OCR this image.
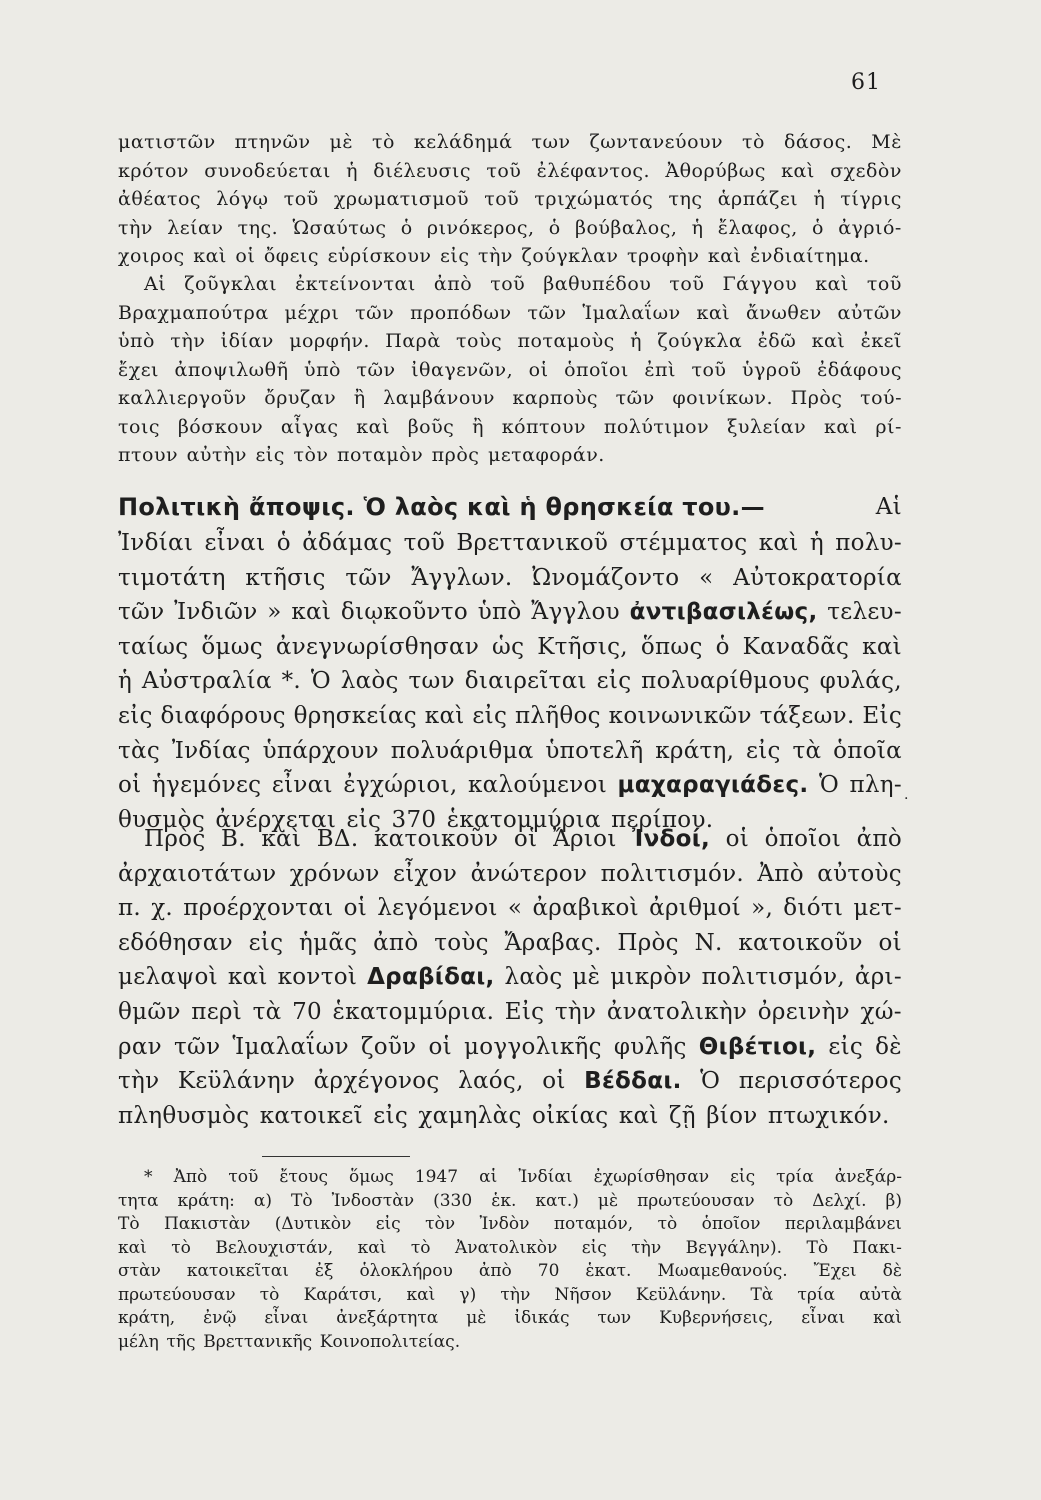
61
ματιστῶν πτηνῶν μὲ τὸ κελάδημά των ζωντανεύουν τὸ δάσος. Μὲ
κρότον συνοδεύεται ἡ διέλευσις τοῦ ἐλέφαντος. Ἀθορύβως καὶ σχεδὸν
ἀθέατος λόγῳ τοῦ χρωματισμοῦ τοῦ τριχώματός της ἁρπάζει ἡ τίγρις
τὴν λείαν της. Ὡσαύτως ὁ ρινόκερος, ὁ βούβαλος, ἡ ἔλαφος, ὁ ἀγριό-
χοιρος καὶ οἱ ὄφεις εὑρίσκουν εἰς τὴν ζούγκλαν τροφὴν καὶ ἐνδιαίτημα.
Αἱ ζοῦγκλαι ἐκτείνονται ἀπὸ τοῦ βαθυπέδου τοῦ Γάγγου καὶ τοῦ
Βραχμαπούτρα μέχρι τῶν προπόδων τῶν Ἱμαλαΐων καὶ ἄνωθεν αὐτῶν
ὑπὸ τὴν ἰδίαν μορφήν. Παρὰ τοὺς ποταμοὺς ἡ ζούγκλα ἐδῶ καὶ ἐκεῖ
ἔχει ἀποψιλωθῆ ὑπὸ τῶν ἰθαγενῶν, οἱ ὁποῖοι ἐπὶ τοῦ ὑγροῦ ἐδάφους
καλλιεργοῦν ὄρυζαν ἢ λαμβάνουν καρποὺς τῶν φοινίκων. Πρὸς τού-
τοις βόσκουν αἶγας καὶ βοῦς ἢ κόπτουν πολύτιμον ξυλείαν καὶ ρί-
πτουν αὐτὴν εἰς τὸν ποταμὸν πρὸς μεταφοράν.
Πολιτικὴ ἄποψις. Ὁ λαὸς καὶ ἡ θρησκεία του.—	Αἱ
Ἰνδίαι εἶναι ὁ ἀδάμας τοῦ Βρεττανικοῦ στέμματος καὶ ἡ πολυ-
τιμοτάτη κτῆσις τῶν Ἄγγλων. Ὠνομάζοντο « Αὐτοκρατορία
τῶν Ἰνδιῶν » καὶ διῳκοῦντο ὑπὸ Ἄγγλου ἀντιβασιλέως, τελευ-
ταίως ὅμως ἀνεγνωρίσθησαν ὡς Κτῆσις, ὅπως ὁ Καναδᾶς καὶ
ἡ Αὐστραλία *. Ὁ λαὸς των διαιρεῖται εἰς πολυαρίθμους φυλάς,
εἰς διαφόρους θρησκείας καὶ εἰς πλῆθος κοινωνικῶν τάξεων. Εἰς
τὰς Ἰνδίας ὑπάρχουν πολυάριθμα ὑποτελῆ κράτη, εἰς τὰ ὁποῖα
οἱ ἡγεμόνες εἶναι ἐγχώριοι, καλούμενοι μαχαραγιάδες. Ὁ πλη-
θυσμὸς ἀνέρχεται εἰς 370 ἑκατομμύρια περίπου.
Πρὸς Β. καὶ ΒΔ. κατοικοῦν οἱ Ἄριοι Ἰνδοί, οἱ ὁποῖοι ἀπὸ
ἀρχαιοτάτων χρόνων εἶχον ἀνώτερον πολιτισμόν. Ἀπὸ αὐτοὺς
π. χ. προέρχονται οἱ λεγόμενοι « ἀραβικοὶ ἀριθμοί », διότι μετ-
εδόθησαν εἰς ἡμᾶς ἀπὸ τοὺς Ἄραβας. Πρὸς Ν. κατοικοῦν οἱ
μελαψοὶ καὶ κοντοὶ Δραβίδαι, λαὸς μὲ μικρὸν πολιτισμόν, ἀρι-
θμῶν περὶ τὰ 70 ἑκατομμύρια. Εἰς τὴν ἀνατολικὴν ὀρεινὴν χώ-
ραν τῶν Ἱμαλαΐων ζοῦν οἱ μογγολικῆς φυλῆς Θιβέτιοι, εἰς δὲ
τὴν Κεϋλάνην ἀρχέγονος λαός, οἱ Βέδδαι. Ὁ περισσότερος
πληθυσμὸς κατοικεῖ εἰς χαμηλὰς οἰκίας καὶ ζῇ βίον πτωχικόν.
.
* Ἀπὸ τοῦ ἔτους ὅμως 1947 αἱ Ἰνδίαι ἐχωρίσθησαν εἰς τρία ἀνεξάρ-
τητα κράτη: α) Τὸ Ἰνδοστὰν (330 ἑκ. κατ.) μὲ πρωτεύουσαν τὸ Δελχί. β)
Τὸ Πακιστὰν (Δυτικὸν εἰς τὸν Ἰνδὸν ποταμόν, τὸ ὁποῖον περιλαμβάνει
καὶ τὸ Βελουχιστάν, καὶ τὸ Ἀνατολικὸν εἰς τὴν Βεγγάλην). Τὸ Πακι-
στὰν κατοικεῖται ἐξ ὁλοκλήρου ἀπὸ 70 ἑκατ. Μωαμεθανούς. Ἔχει δὲ
πρωτεύουσαν τὸ Καράτσι, καὶ γ) τὴν Νῆσον Κεϋλάνην. Τὰ τρία αὐτὰ
κράτη, ἐνῷ εἶναι ἀνεξάρτητα μὲ ἰδικάς των Κυβερνήσεις, εἶναι καὶ
μέλη τῆς Βρεττανικῆς Κοινοπολιτείας.
